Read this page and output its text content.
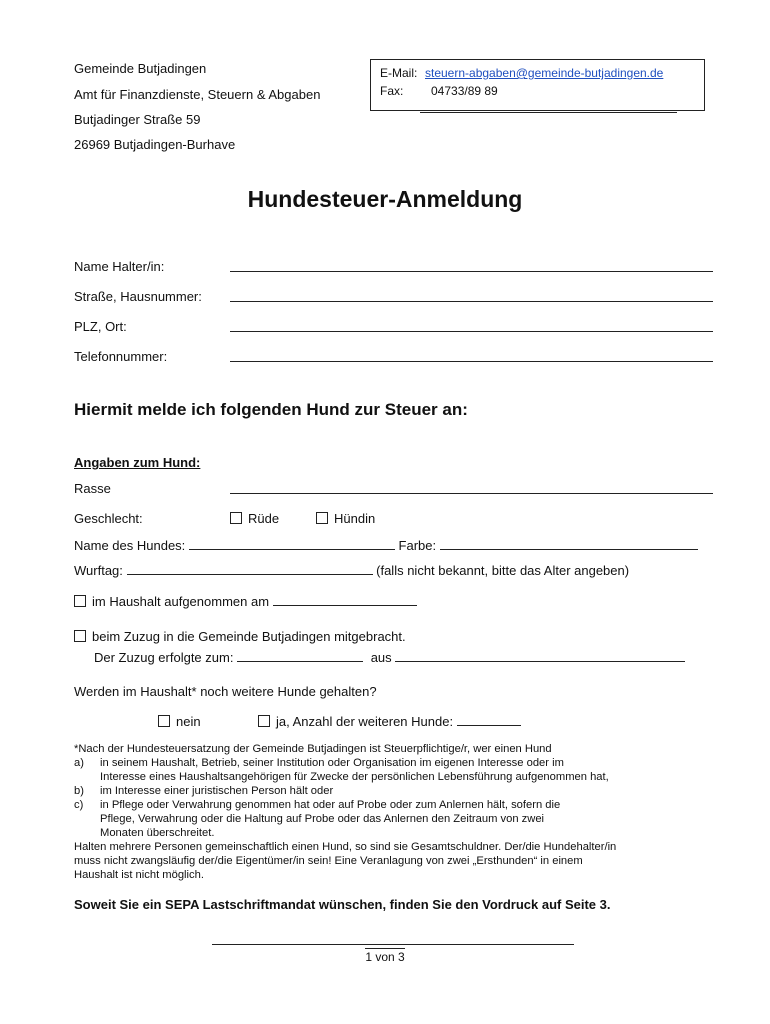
Gemeinde Butjadingen
Amt für Finanzdienste, Steuern & Abgaben
Butjadinger Straße 59
26969 Butjadingen-Burhave
E-Mail: steuern-abgaben@gemeinde-butjadingen.de
Fax: 04733/89 89
Hundesteuer-Anmeldung
Name Halter/in:
Straße, Hausnummer:
PLZ, Ort:
Telefonnummer:
Hiermit melde ich folgenden Hund zur Steuer an:
Angaben zum Hund:
Rasse
Geschlecht:	Rüde	Hündin
Name des Hundes:	Farbe:
Wurftag:	(falls nicht bekannt, bitte das Alter angeben)
im Haushalt aufgenommen am
beim Zuzug in die Gemeinde Butjadingen mitgebracht.
Der Zuzug erfolgte zum:	aus
Werden im Haushalt* noch weitere Hunde gehalten?
nein	ja, Anzahl der weiteren Hunde:
*Nach der Hundesteuersatzung der Gemeinde Butjadingen ist Steuerpflichtige/r, wer einen Hund
a) in seinem Haushalt, Betrieb, seiner Institution oder Organisation im eigenen Interesse oder im
Interesse eines Haushaltsangehörigen für Zwecke der persönlichen Lebensführung aufgenommen hat,
b) im Interesse einer juristischen Person hält oder
c) in Pflege oder Verwahrung genommen hat oder auf Probe oder zum Anlernen hält, sofern die
Pflege, Verwahrung oder die Haltung auf Probe oder das Anlernen den Zeitraum von zwei
Monaten überschreitet.
Halten mehrere Personen gemeinschaftlich einen Hund, so sind sie Gesamtschuldner. Der/die Hundehalter/in
muss nicht zwangsläufig der/die Eigentümer/in sein! Eine Veranlagung von zwei „Ersthunden“ in einem
Haushalt ist nicht möglich.
Soweit Sie ein SEPA Lastschriftmandat wünschen, finden Sie den Vordruck auf Seite 3.
1 von 3
